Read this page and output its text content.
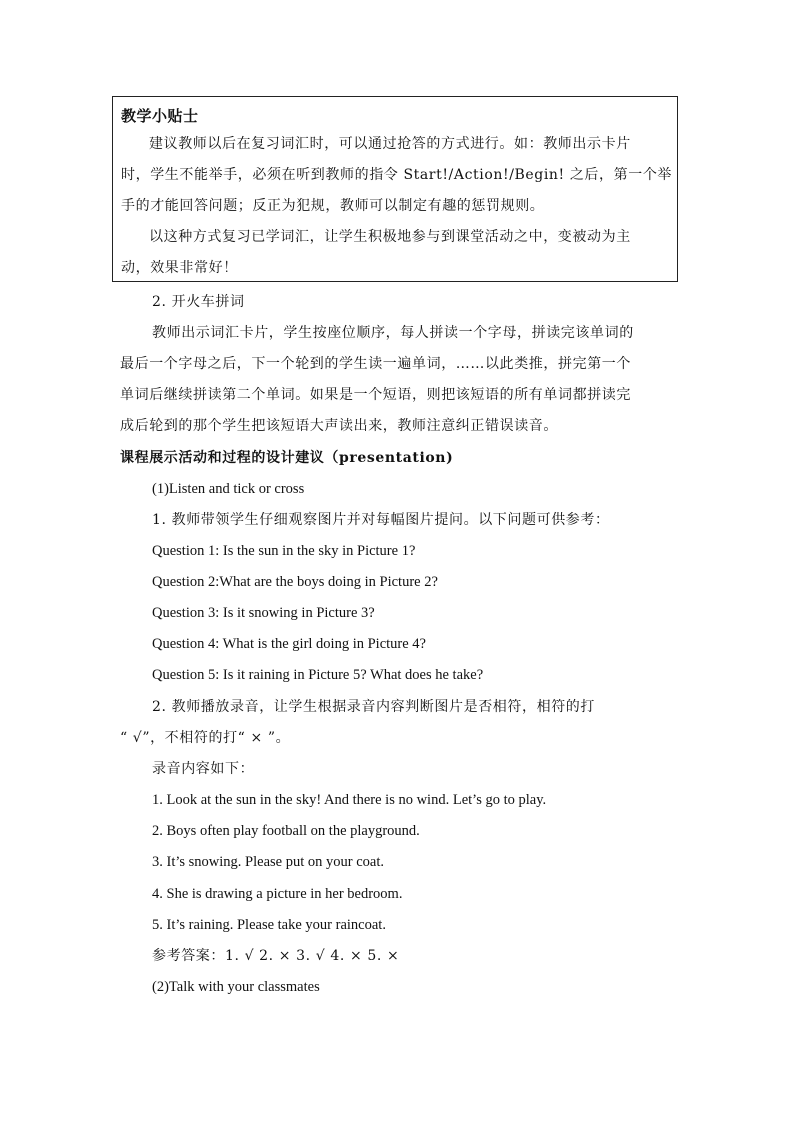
教学小贴士
建议教师以后在复习词汇时，可以通过抢答的方式进行。如：教师出示卡片
时，学生不能举手，必须在听到教师的指令 Start!/Action!/Begin! 之后，第一个举
手的才能回答问题；反正为犯规，教师可以制定有趣的惩罚规则。
以这种方式复习已学词汇，让学生积极地参与到课堂活动之中，变被动为主
动，效果非常好！
2. 开火车拼词
教师出示词汇卡片，学生按座位顺序，每人拼读一个字母，拼读完该单词的
最后一个字母之后，下一个轮到的学生读一遍单词，……以此类推，拼完第一个
单词后继续拼读第二个单词。如果是一个短语，则把该短语的所有单词都拼读完
成后轮到的那个学生把该短语大声读出来，教师注意纠正错误读音。
课程展示活动和过程的设计建议（presentation)
(1)Listen and tick or cross
1. 教师带领学生仔细观察图片并对每幅图片提问。以下问题可供参考：
Question 1: Is the sun in the sky in Picture 1?
Question 2:What are the boys doing in Picture 2?
Question 3: Is it snowing in Picture 3?
Question 4: What is the girl doing in Picture 4?
Question 5: Is it raining in Picture 5? What does he take?
2. 教师播放录音，让学生根据录音内容判断图片是否相符，相符的打
“ √”，不相符的打“ × ”。
录音内容如下：
1. Look at the sun in the sky! And there is no wind. Let’s go to play.
2. Boys often play football on the playground.
3. It’s snowing. Please put on your coat.
4. She is drawing a picture in her bedroom.
5. It’s raining. Please take your raincoat.
参考答案：1. √ 2. × 3. √ 4. × 5. ×
(2)Talk with your classmates
